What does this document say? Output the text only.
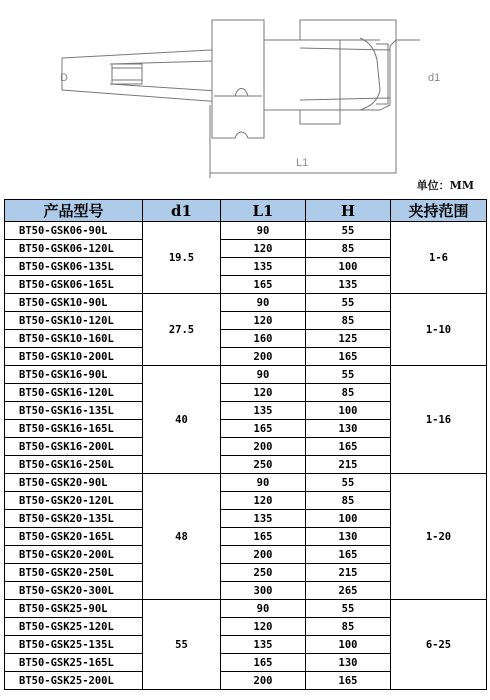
D	d1
L1
单位：MM
产品型号	d1	L1	H	夹持范围
BT50-GSK06-90L	19.5	90	55	1-6
BT50-GSK06-120L		120	85	
BT50-GSK06-135L		135	100	
BT50-GSK06-165L		165	135	
BT50-GSK10-90L	27.5	90	55	1-10
BT50-GSK10-120L		120	85	
BT50-GSK10-160L		160	125	
BT50-GSK10-200L		200	165	
BT50-GSK16-90L	40	90	55	1-16
BT50-GSK16-120L		120	85	
BT50-GSK16-135L		135	100	
BT50-GSK16-165L		165	130	
BT50-GSK16-200L		200	165	
BT50-GSK16-250L		250	215	
BT50-GSK20-90L	48	90	55	1-20
BT50-GSK20-120L		120	85	
BT50-GSK20-135L		135	100	
BT50-GSK20-165L		165	130	
BT50-GSK20-200L		200	165	
BT50-GSK20-250L		250	215	
BT50-GSK20-300L		300	265	
BT50-GSK25-90L	55	90	55	6-25
BT50-GSK25-120L		120	85	
BT50-GSK25-135L		135	100	
BT50-GSK25-165L		165	130	
BT50-GSK25-200L		200	165	
